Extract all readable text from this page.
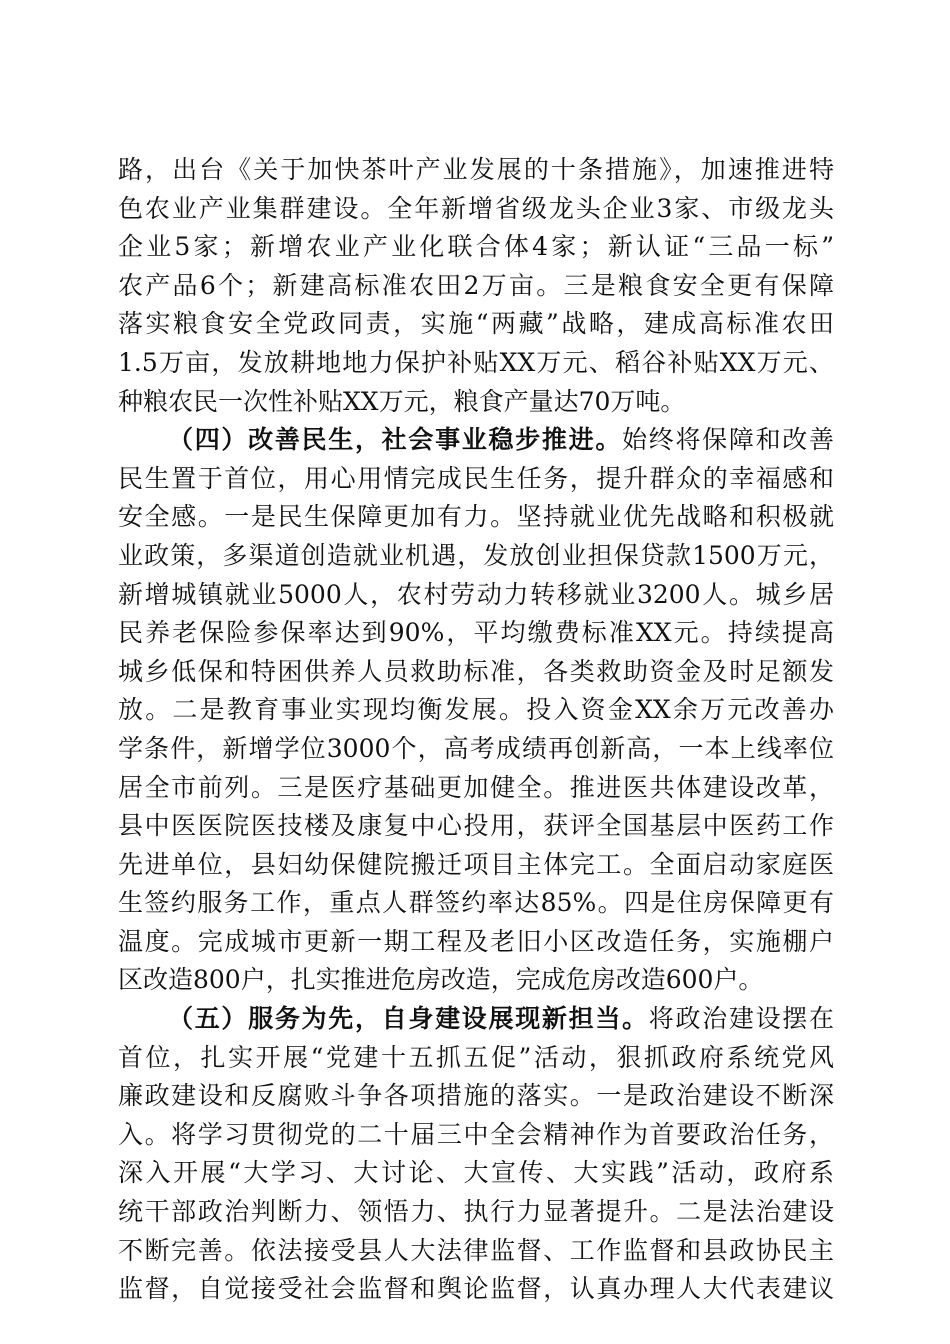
路，出台《关于加快茶叶产业发展的十条措施》，加速推进特
色农业产业集群建设。全年新增省级龙头企业3家、市级龙头
企业5家；新增农业产业化联合体4家；新认证“三品一标”
农产品6个；新建高标准农田2万亩。三是粮食安全更有保障
落实粮食安全党政同责，实施“两藏”战略，建成高标准农田
1.5万亩，发放耕地地力保护补贴XX万元、稻谷补贴XX万元、
种粮农民一次性补贴XX万元，粮食产量达70万吨。
（四）改善民生，社会事业稳步推进。始终将保障和改善
民生置于首位，用心用情完成民生任务，提升群众的幸福感和
安全感。一是民生保障更加有力。坚持就业优先战略和积极就
业政策，多渠道创造就业机遇，发放创业担保贷款1500万元，
新增城镇就业5000人，农村劳动力转移就业3200人。城乡居
民养老保险参保率达到90%，平均缴费标准XX元。持续提高
城乡低保和特困供养人员救助标准，各类救助资金及时足额发
放。二是教育事业实现均衡发展。投入资金XX余万元改善办
学条件，新增学位3000个，高考成绩再创新高，一本上线率位
居全市前列。三是医疗基础更加健全。推进医共体建设改革，
县中医医院医技楼及康复中心投用，获评全国基层中医药工作
先进单位，县妇幼保健院搬迁项目主体完工。全面启动家庭医
生签约服务工作，重点人群签约率达85%。四是住房保障更有
温度。完成城市更新一期工程及老旧小区改造任务，实施棚户
区改造800户，扎实推进危房改造，完成危房改造600户。
（五）服务为先，自身建设展现新担当。将政治建设摆在
首位，扎实开展“党建十五抓五促”活动，狠抓政府系统党风
廉政建设和反腐败斗争各项措施的落实。一是政治建设不断深
入。将学习贯彻党的二十届三中全会精神作为首要政治任务，
深入开展“大学习、大讨论、大宣传、大实践”活动，政府系
统干部政治判断力、领悟力、执行力显著提升。二是法治建设
不断完善。依法接受县人大法律监督、工作监督和县政协民主
监督，自觉接受社会监督和舆论监督，认真办理人大代表建议
